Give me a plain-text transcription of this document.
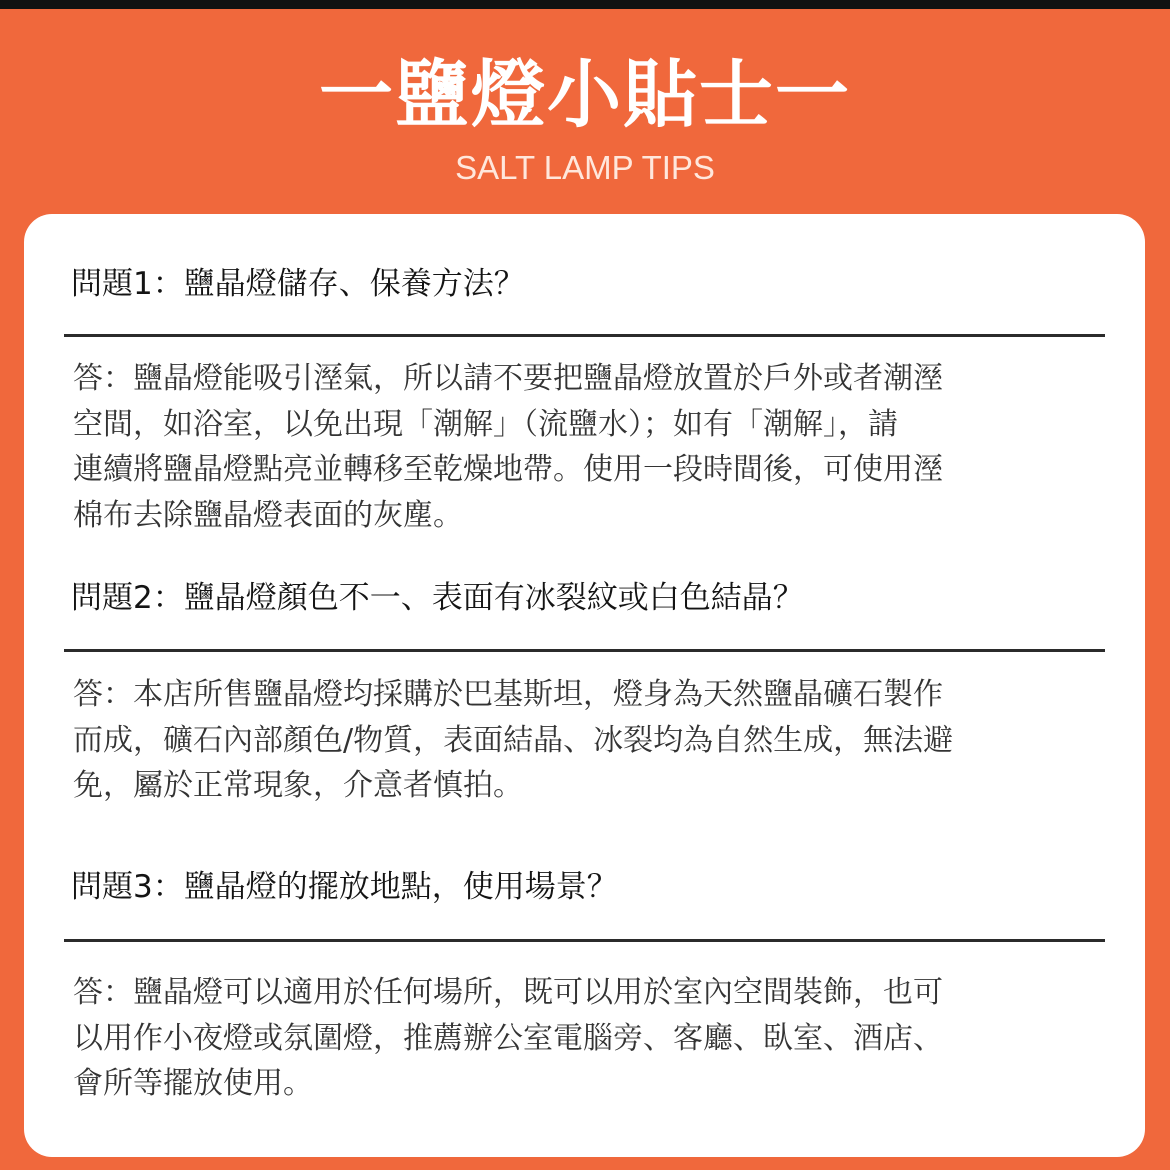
一鹽燈小貼士一
SALT LAMP TIPS
問題1：鹽晶燈儲存、保養方法？
答：鹽晶燈能吸引溼氣，所以請不要把鹽晶燈放置於戶外或者潮溼
空間，如浴室，以免出現「潮解」（流鹽水）；如有「潮解」，請
連續將鹽晶燈點亮並轉移至乾燥地帶。使用一段時間後，可使用溼
棉布去除鹽晶燈表面的灰塵。
問題2：鹽晶燈顏色不一、表面有冰裂紋或白色結晶？
答：本店所售鹽晶燈均採購於巴基斯坦，燈身為天然鹽晶礦石製作
而成，礦石內部顏色/物質，表面結晶、冰裂均為自然生成，無法避
免，屬於正常現象，介意者慎拍。
問題3：鹽晶燈的擺放地點，使用場景？
答：鹽晶燈可以適用於任何場所，既可以用於室內空間裝飾，也可
以用作小夜燈或氛圍燈，推薦辦公室電腦旁、客廳、臥室、酒店、
會所等擺放使用。
